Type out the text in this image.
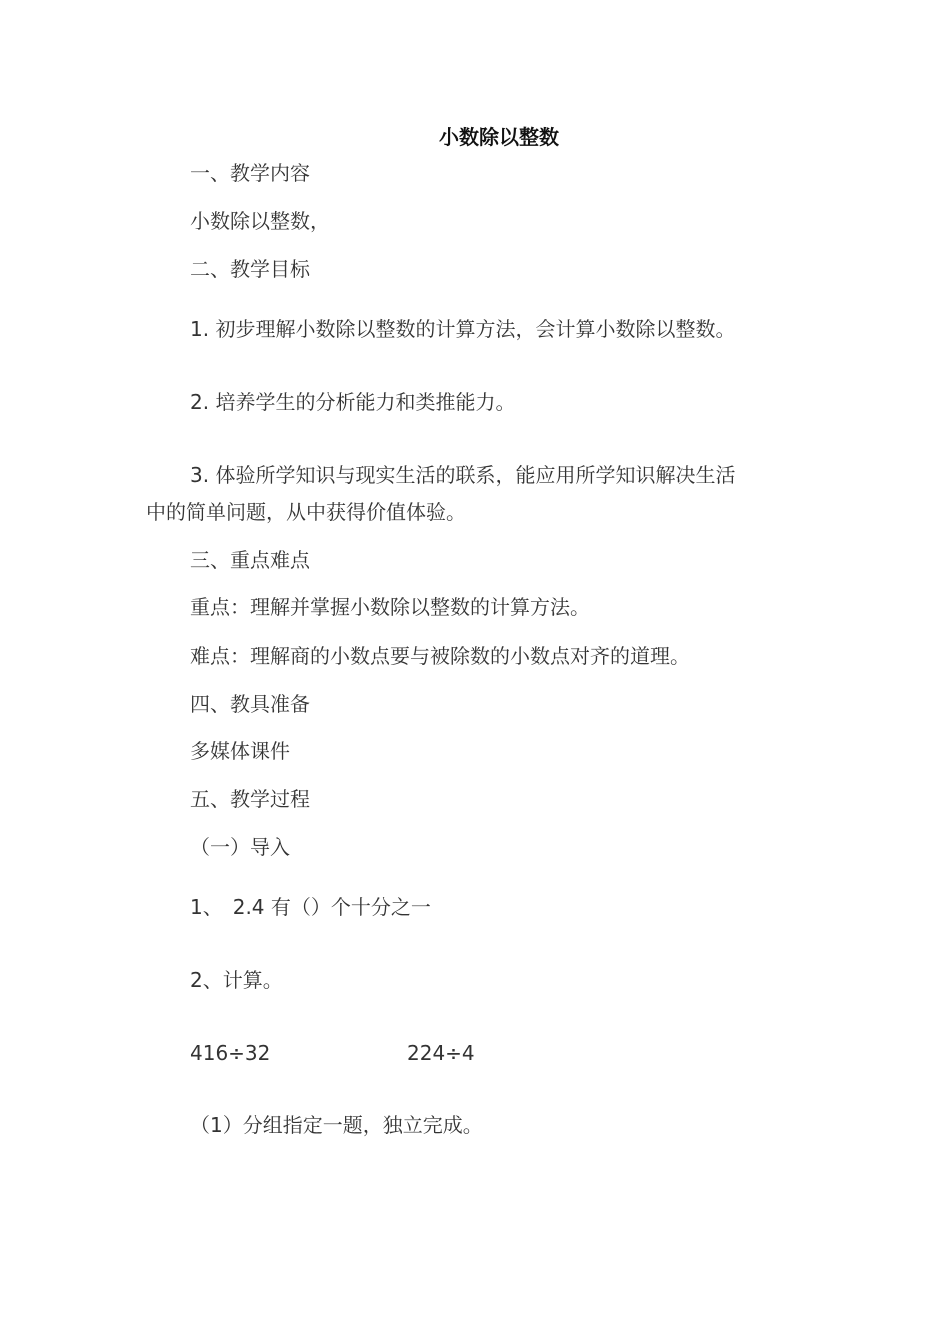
小数除以整数

一、教学内容

小数除以整数，

二、教学目标

1. 初步理解小数除以整数的计算方法，会计算小数除以整数。

2. 培养学生的分析能力和类推能力。

3. 体验所学知识与现实生活的联系，能应用所学知识解决生活

中的简单问题，从中获得价值体验。

三、重点难点

重点：理解并掌握小数除以整数的计算方法。

难点：理解商的小数点要与被除数的小数点对齐的道理。

四、教具准备

多媒体课件

五、教学过程

（一）导入

1、　2.4 有（）个十分之一

2、计算。

416÷32	224÷4

（1）分组指定一题，独立完成。
